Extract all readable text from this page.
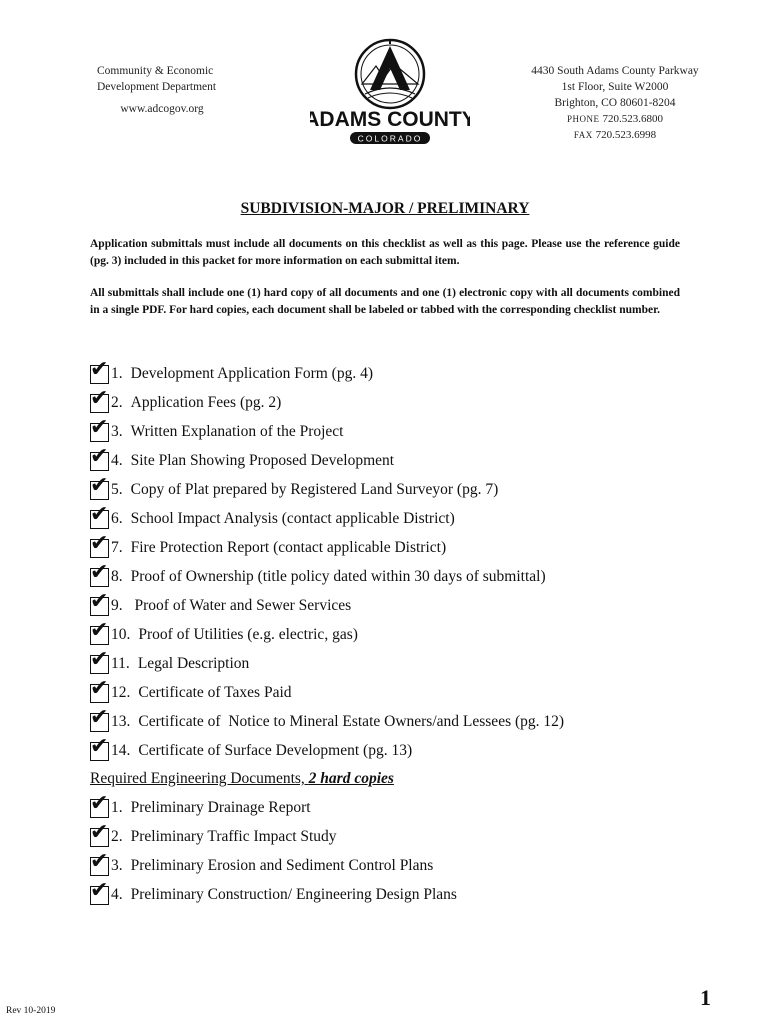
Community & Economic
Development Department
www.adcogov.org	ADAMS COUNTY
COLORADO
4430 South Adams County Parkway
1st Floor, Suite W2000
Brighton, CO 80601-8204
PHONE 720.523.6800
FAX 720.523.6998
SUBDIVISION-MAJOR / PRELIMINARY
Application submittals must include all documents on this checklist as well as this page. Please use the reference guide (pg. 3) included in this packet for more information on each submittal item.
All submittals shall include one (1) hard copy of all documents and one (1) electronic copy with all documents combined in a single PDF. For hard copies, each document shall be labeled or tabbed with the corresponding checklist number.
✔ 1. Development Application Form (pg. 4)
✔ 2. Application Fees (pg. 2)
✔ 3. Written Explanation of the Project
✔ 4. Site Plan Showing Proposed Development
✔ 5. Copy of Plat prepared by Registered Land Surveyor (pg. 7)
✔ 6. School Impact Analysis (contact applicable District)
✔ 7. Fire Protection Report (contact applicable District)
✔ 8. Proof of Ownership (title policy dated within 30 days of submittal)
✔ 9. Proof of Water and Sewer Services
✔ 10. Proof of Utilities (e.g. electric, gas)
✔ 11. Legal Description
✔ 12. Certificate of Taxes Paid
✔ 13. Certificate of  Notice to Mineral Estate Owners/and Lessees (pg. 12)
✔ 14. Certificate of Surface Development (pg. 13)
Required Engineering Documents, 2 hard copies
✔ 1. Preliminary Drainage Report
✔ 2. Preliminary Traffic Impact Study
✔ 3. Preliminary Erosion and Sediment Control Plans
✔ 4. Preliminary Construction/ Engineering Design Plans
Rev 10-2019
1
